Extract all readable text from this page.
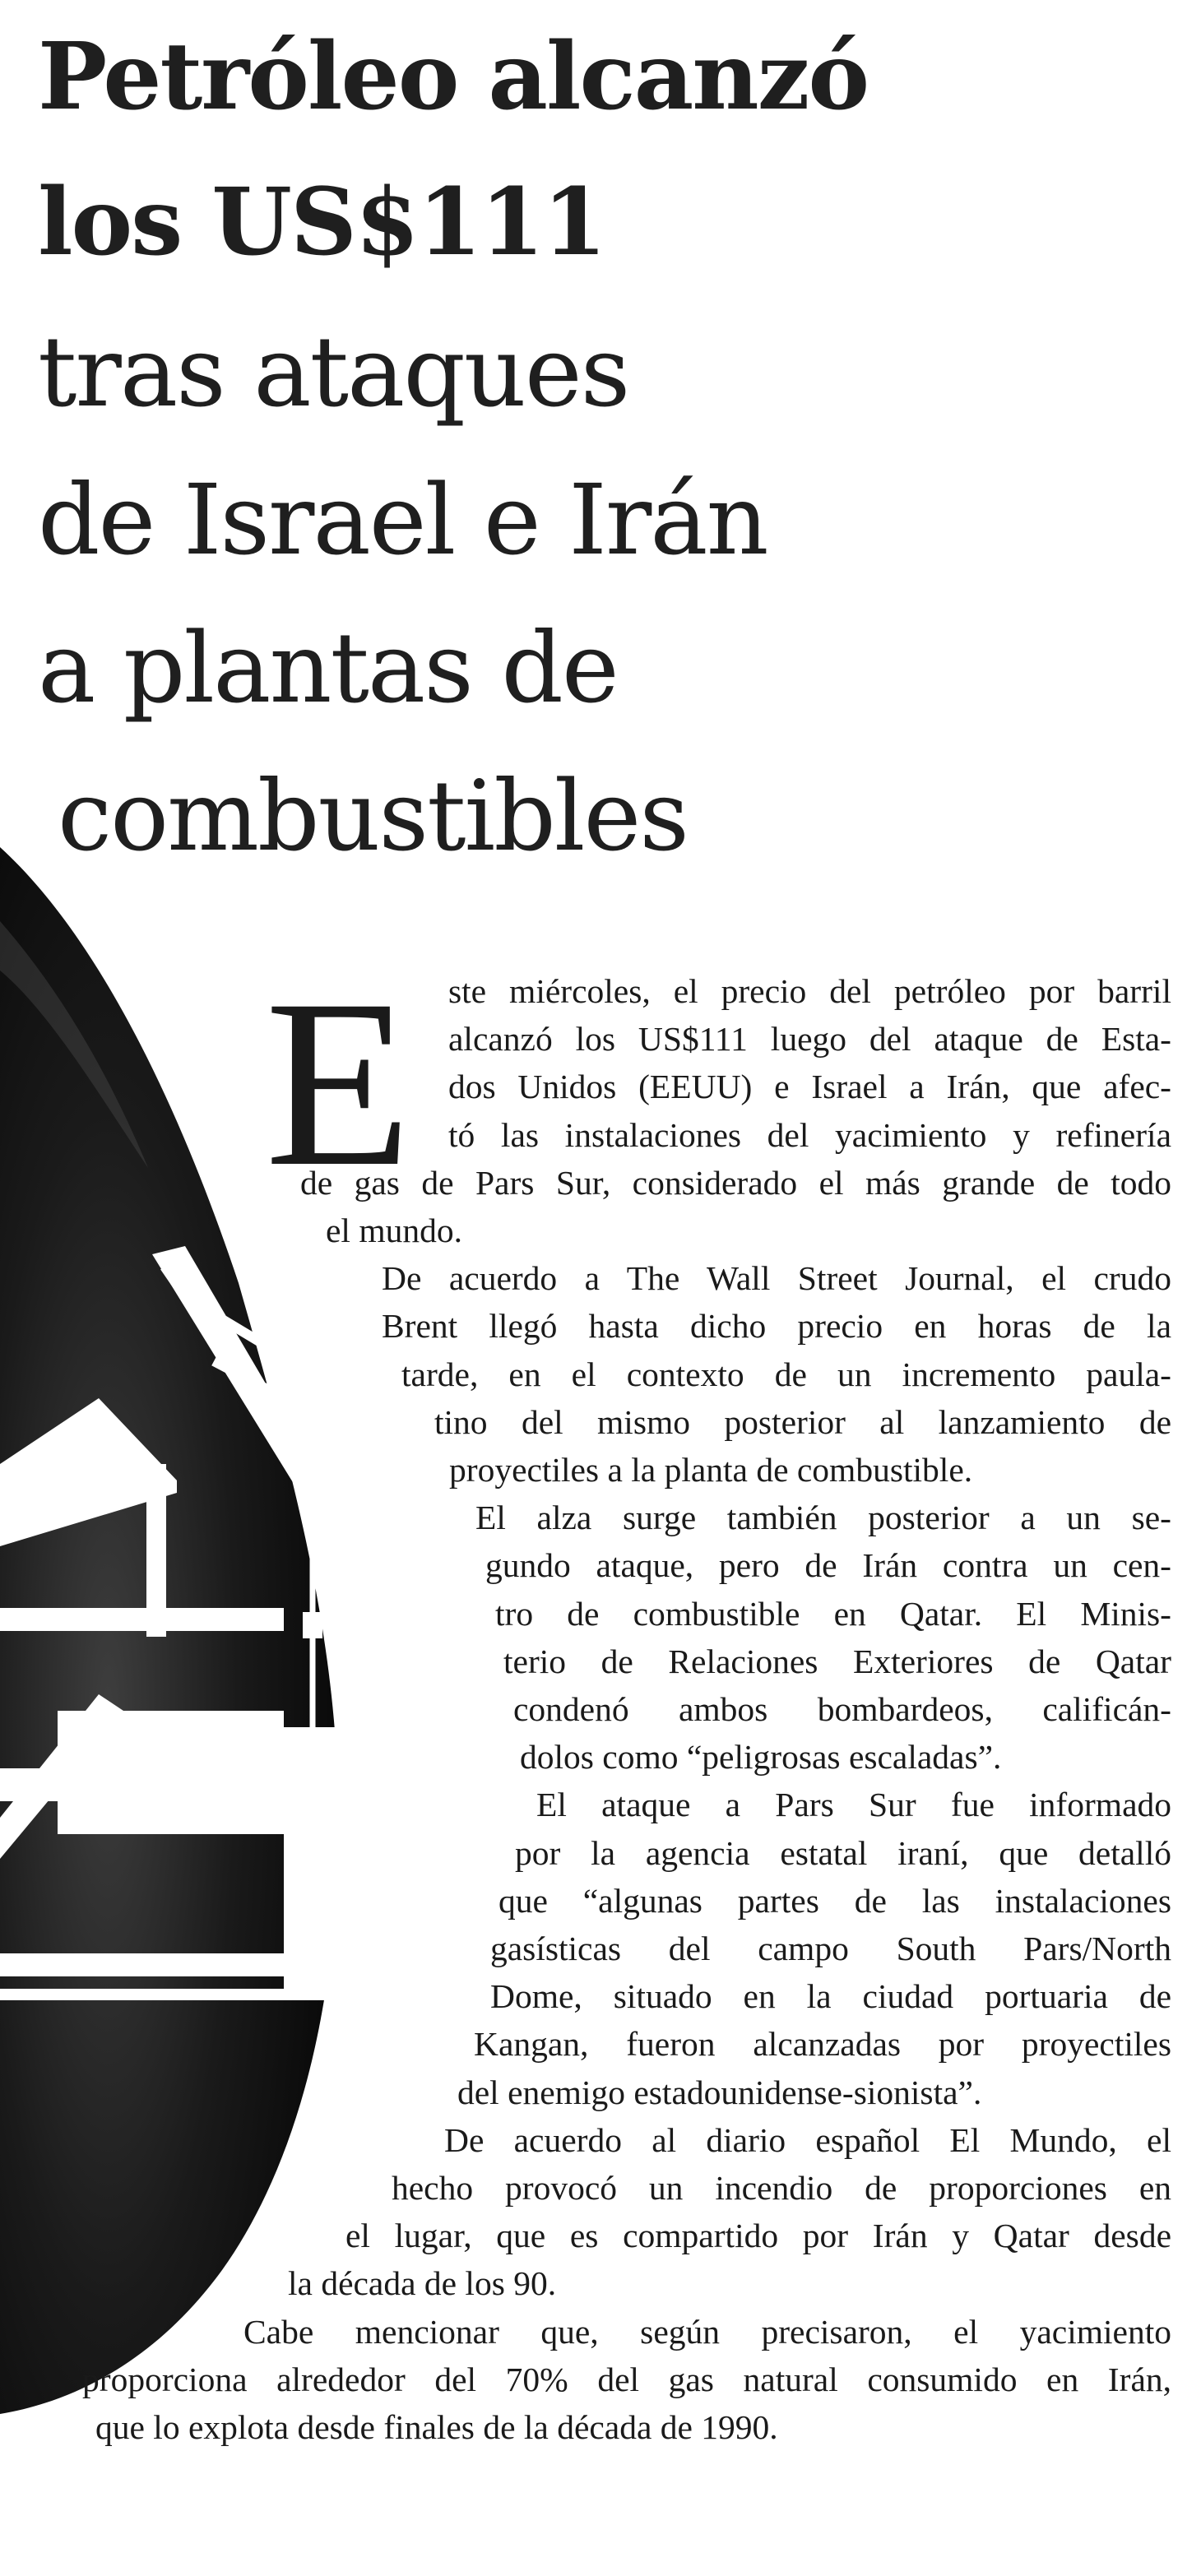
Petróleo alcanzó
los US$111
tras ataques
de Israel e Irán
a plantas de
combustibles
E ste miércoles, el precio del petróleo por barril

alcanzó los US$111 luego del ataque de Esta-

dos Unidos (EEUU) e Israel a Irán, que afec-

tó las instalaciones del yacimiento y refinería

de gas de Pars Sur, considerado el más grande de todo

el mundo.

De acuerdo a The Wall Street Journal, el crudo

Brent llegó hasta dicho precio en horas de la

tarde, en el contexto de un incremento paula-

tino del mismo posterior al lanzamiento de

proyectiles a la planta de combustible.

El alza surge también posterior a un se-

gundo ataque, pero de Irán contra un cen-

tro de combustible en Qatar. El Minis-

terio de Relaciones Exteriores de Qatar

condenó ambos bombardeos, calificán-

dolos como “peligrosas escaladas”.

El ataque a Pars Sur fue informado

por la agencia estatal iraní, que detalló

que “algunas partes de las instalaciones

gasísticas del campo South Pars/North

Dome, situado en la ciudad portuaria de

Kangan, fueron alcanzadas por proyectiles

del enemigo estadounidense-sionista”.

De acuerdo al diario español El Mundo, el

hecho provocó un incendio de proporciones en

el lugar, que es compartido por Irán y Qatar desde

la década de los 90.

Cabe mencionar que, según precisaron, el yacimiento

proporciona alrededor del 70% del gas natural consumido en Irán,

que lo explota desde finales de la década de 1990.
